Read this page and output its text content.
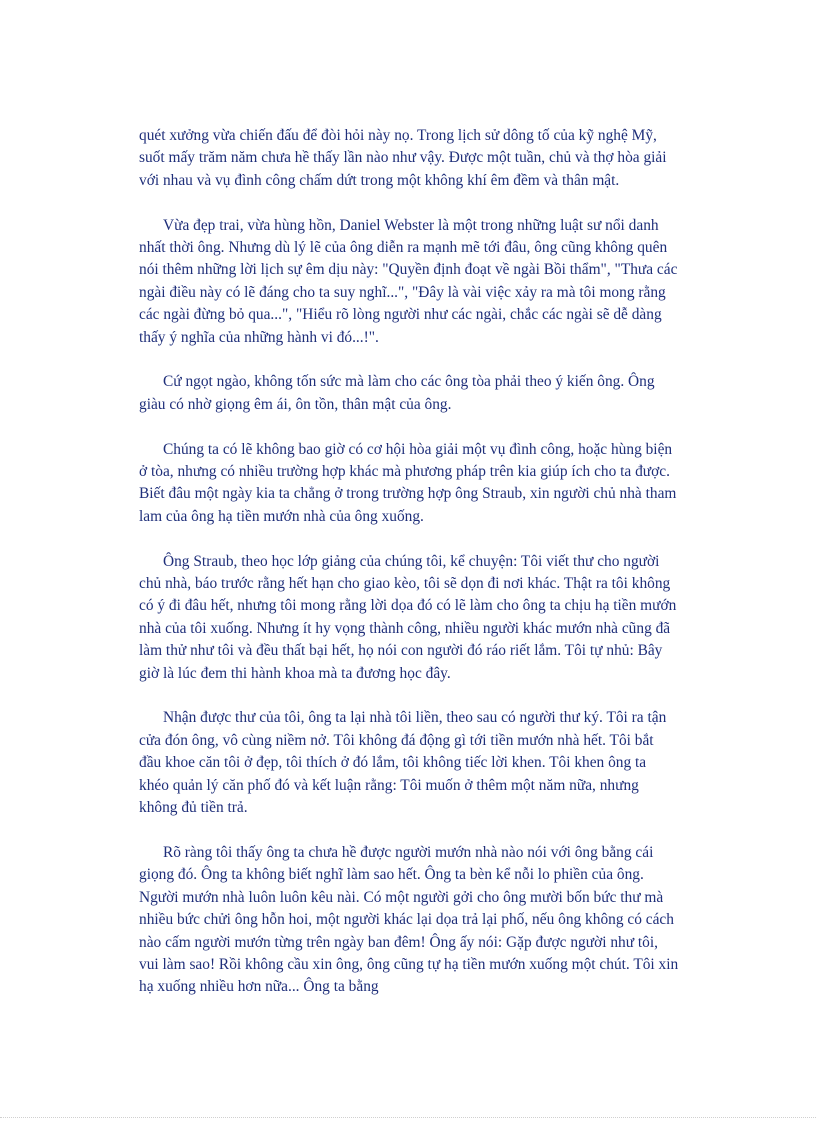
quét xưởng vừa chiến đấu để đòi hỏi này nọ. Trong lịch sử dông tố của kỹ nghệ Mỹ, suốt mấy trăm năm chưa hề thấy lần nào như vậy. Được một tuần, chủ và thợ hòa giải với nhau và vụ đình công chấm dứt trong một không khí êm đềm và thân mật.

Vừa đẹp trai, vừa hùng hồn, Daniel Webster là một trong những luật sư nổi danh nhất thời ông. Nhưng dù lý lẽ của ông diễn ra mạnh mẽ tới đâu, ông cũng không quên nói thêm những lời lịch sự êm dịu này: "Quyền định đoạt về ngài Bồi thẩm", "Thưa các ngài điều này có lẽ đáng cho ta suy nghĩ...", "Đây là vài việc xảy ra mà tôi mong rằng các ngài đừng bỏ qua...", "Hiểu rõ lòng người như các ngài, chắc các ngài sẽ dễ dàng thấy ý nghĩa của những hành vi đó...!".

Cứ ngọt ngào, không tốn sức mà làm cho các ông tòa phải theo ý kiến ông. Ông giàu có nhờ giọng êm ái, ôn tồn, thân mật của ông.

Chúng ta có lẽ không bao giờ có cơ hội hòa giải một vụ đình công, hoặc hùng biện ở tòa, nhưng có nhiều trường hợp khác mà phương pháp trên kia giúp ích cho ta được. Biết đâu một ngày kia ta chẳng ở trong trường hợp ông Straub, xin người chủ nhà tham lam của ông hạ tiền mướn nhà của ông xuống.

Ông Straub, theo học lớp giảng của chúng tôi, kể chuyện: Tôi viết thư cho người chủ nhà, báo trước rằng hết hạn cho giao kèo, tôi sẽ dọn đi nơi khác. Thật ra tôi không có ý đi đâu hết, nhưng tôi mong rằng lời dọa đó có lẽ làm cho ông ta chịu hạ tiền mướn nhà của tôi xuống. Nhưng ít hy vọng thành công, nhiều người khác mướn nhà cũng đã làm thử như tôi và đều thất bại hết, họ nói con người đó ráo riết lắm. Tôi tự nhủ: Bây giờ là lúc đem thi hành khoa mà ta đương học đây.

Nhận được thư của tôi, ông ta lại nhà tôi liền, theo sau có người thư ký. Tôi ra tận cửa đón ông, vô cùng niềm nở. Tôi không đá động gì tới tiền mướn nhà hết. Tôi bắt đầu khoe căn tôi ở đẹp, tôi thích ở đó lắm, tôi không tiếc lời khen. Tôi khen ông ta khéo quản lý căn phố đó và kết luận rằng: Tôi muốn ở thêm một năm nữa, nhưng không đủ tiền trả.

Rõ ràng tôi thấy ông ta chưa hề được người mướn nhà nào nói với ông bằng cái giọng đó. Ông ta không biết nghĩ làm sao hết. Ông ta bèn kể nỗi lo phiền của ông. Người mướn nhà luôn luôn kêu nài. Có một người gởi cho ông mười bốn bức thư mà nhiều bức chửi ông hỗn hoi, một người khác lại dọa trả lại phố, nếu ông không có cách nào cấm người mướn từng trên ngày ban đêm! Ông ấy nói: Gặp được người như tôi, vui làm sao! Rồi không cầu xin ông, ông cũng tự hạ tiền mướn xuống một chút. Tôi xin hạ xuống nhiều hơn nữa... Ông ta bằng
